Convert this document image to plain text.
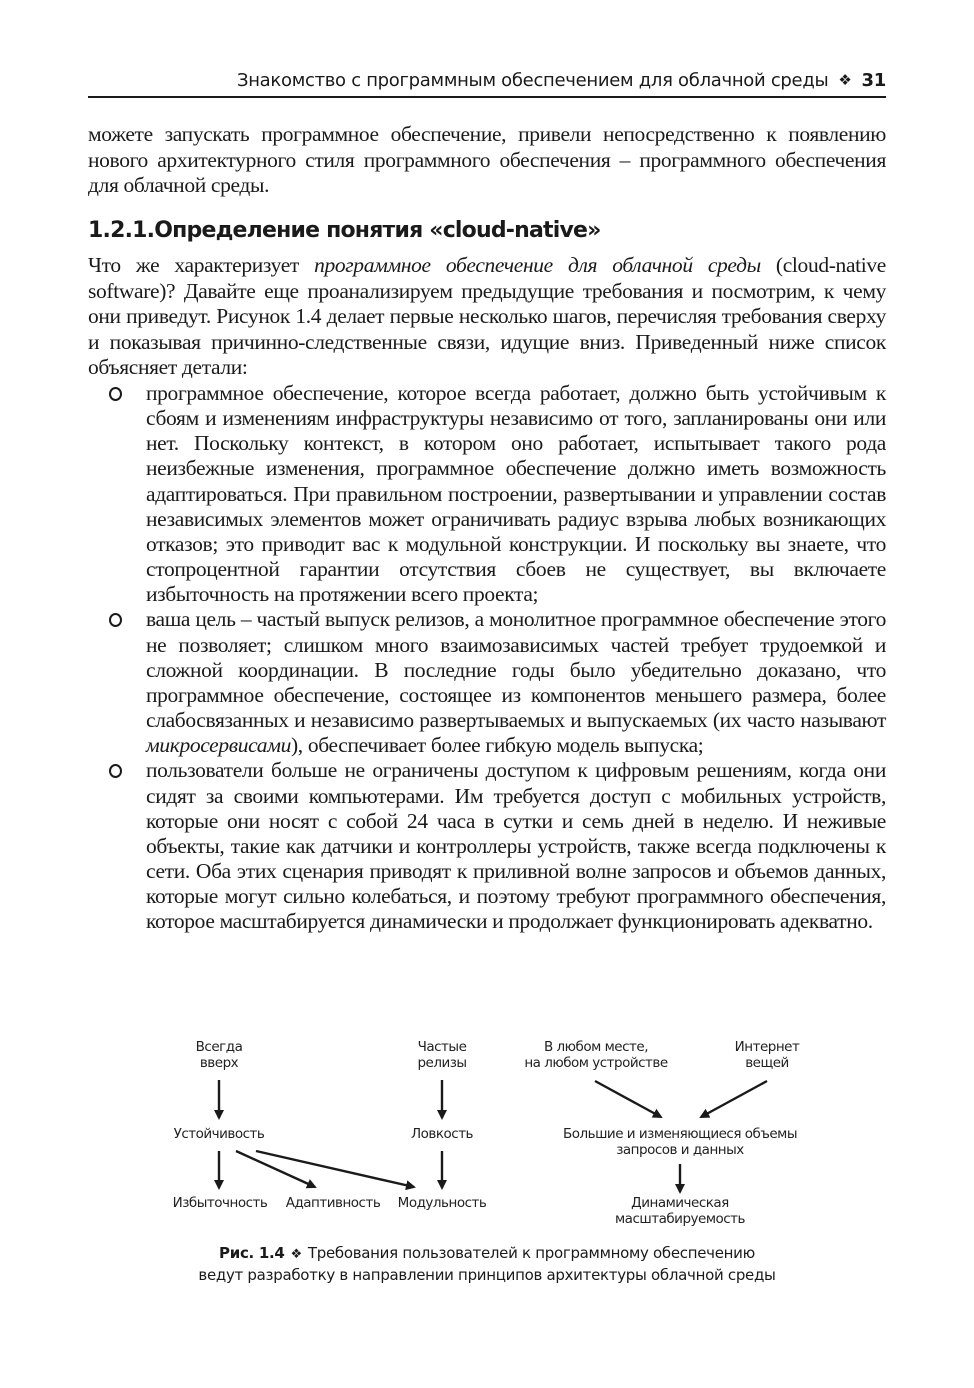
Знакомство с программным обеспечением для облачной среды ❖ 31
можете запускать программное обеспечение, привели непосредственно к появлению нового архитектурного стиля программного обеспечения – программного обеспечения для облачной среды.
1.2.1.Определение понятия «cloud-native»
Что же характеризует программное обеспечение для облачной среды (cloud-native software)? Давайте еще проанализируем предыдущие требования и посмотрим, к чему они приведут. Рисунок 1.4 делает первые несколько шагов, перечисляя требования сверху и показывая причинно-следственные связи, идущие вниз. Приведенный ниже список объясняет детали:
программное обеспечение, которое всегда работает, должно быть устойчивым к сбоям и изменениям инфраструктуры независимо от того, запланированы они или нет. Поскольку контекст, в котором оно работает, испытывает такого рода неизбежные изменения, программное обеспечение должно иметь возможность адаптироваться. При правильном построении, развертывании и управлении состав независимых элементов может ограничивать радиус взрыва любых возникающих отказов; это приводит вас к модульной конструкции. И поскольку вы знаете, что стопроцентной гарантии отсутствия сбоев не существует, вы включаете избыточность на протяжении всего проекта;
ваша цель – частый выпуск релизов, а монолитное программное обеспечение этого не позволяет; слишком много взаимозависимых частей требует трудоемкой и сложной координации. В последние годы было убедительно доказано, что программное обеспечение, состоящее из компонентов меньшего размера, более слабосвязанных и независимо развертываемых и выпускаемых (их часто называют микросервисами), обеспечивает более гибкую модель выпуска;
пользователи больше не ограничены доступом к цифровым решениям, когда они сидят за своими компьютерами. Им требуется доступ с мобильных устройств, которые они носят с собой 24 часа в сутки и семь дней в неделю. И неживые объекты, такие как датчики и контроллеры устройств, также всегда подключены к сети. Оба этих сценария приводят к приливной волне запросов и объемов данных, которые могут сильно колебаться, и поэтому требуют программного обеспечения, которое масштабируется динамически и продолжает функционировать адекватно.
Всегда
вверх
Частые
релизы
В любом месте,
на любом устройстве
Интернет
вещей
Устойчивость	Ловкость	Большие и изменяющиеся объемы
запросов и данных
Избыточность Адаптивность Модульность	Динамическая
масштабируемость
Рис. 1.4 ❖ Требования пользователей к программному обеспечению
ведут разработку в направлении принципов архитектуры облачной среды
